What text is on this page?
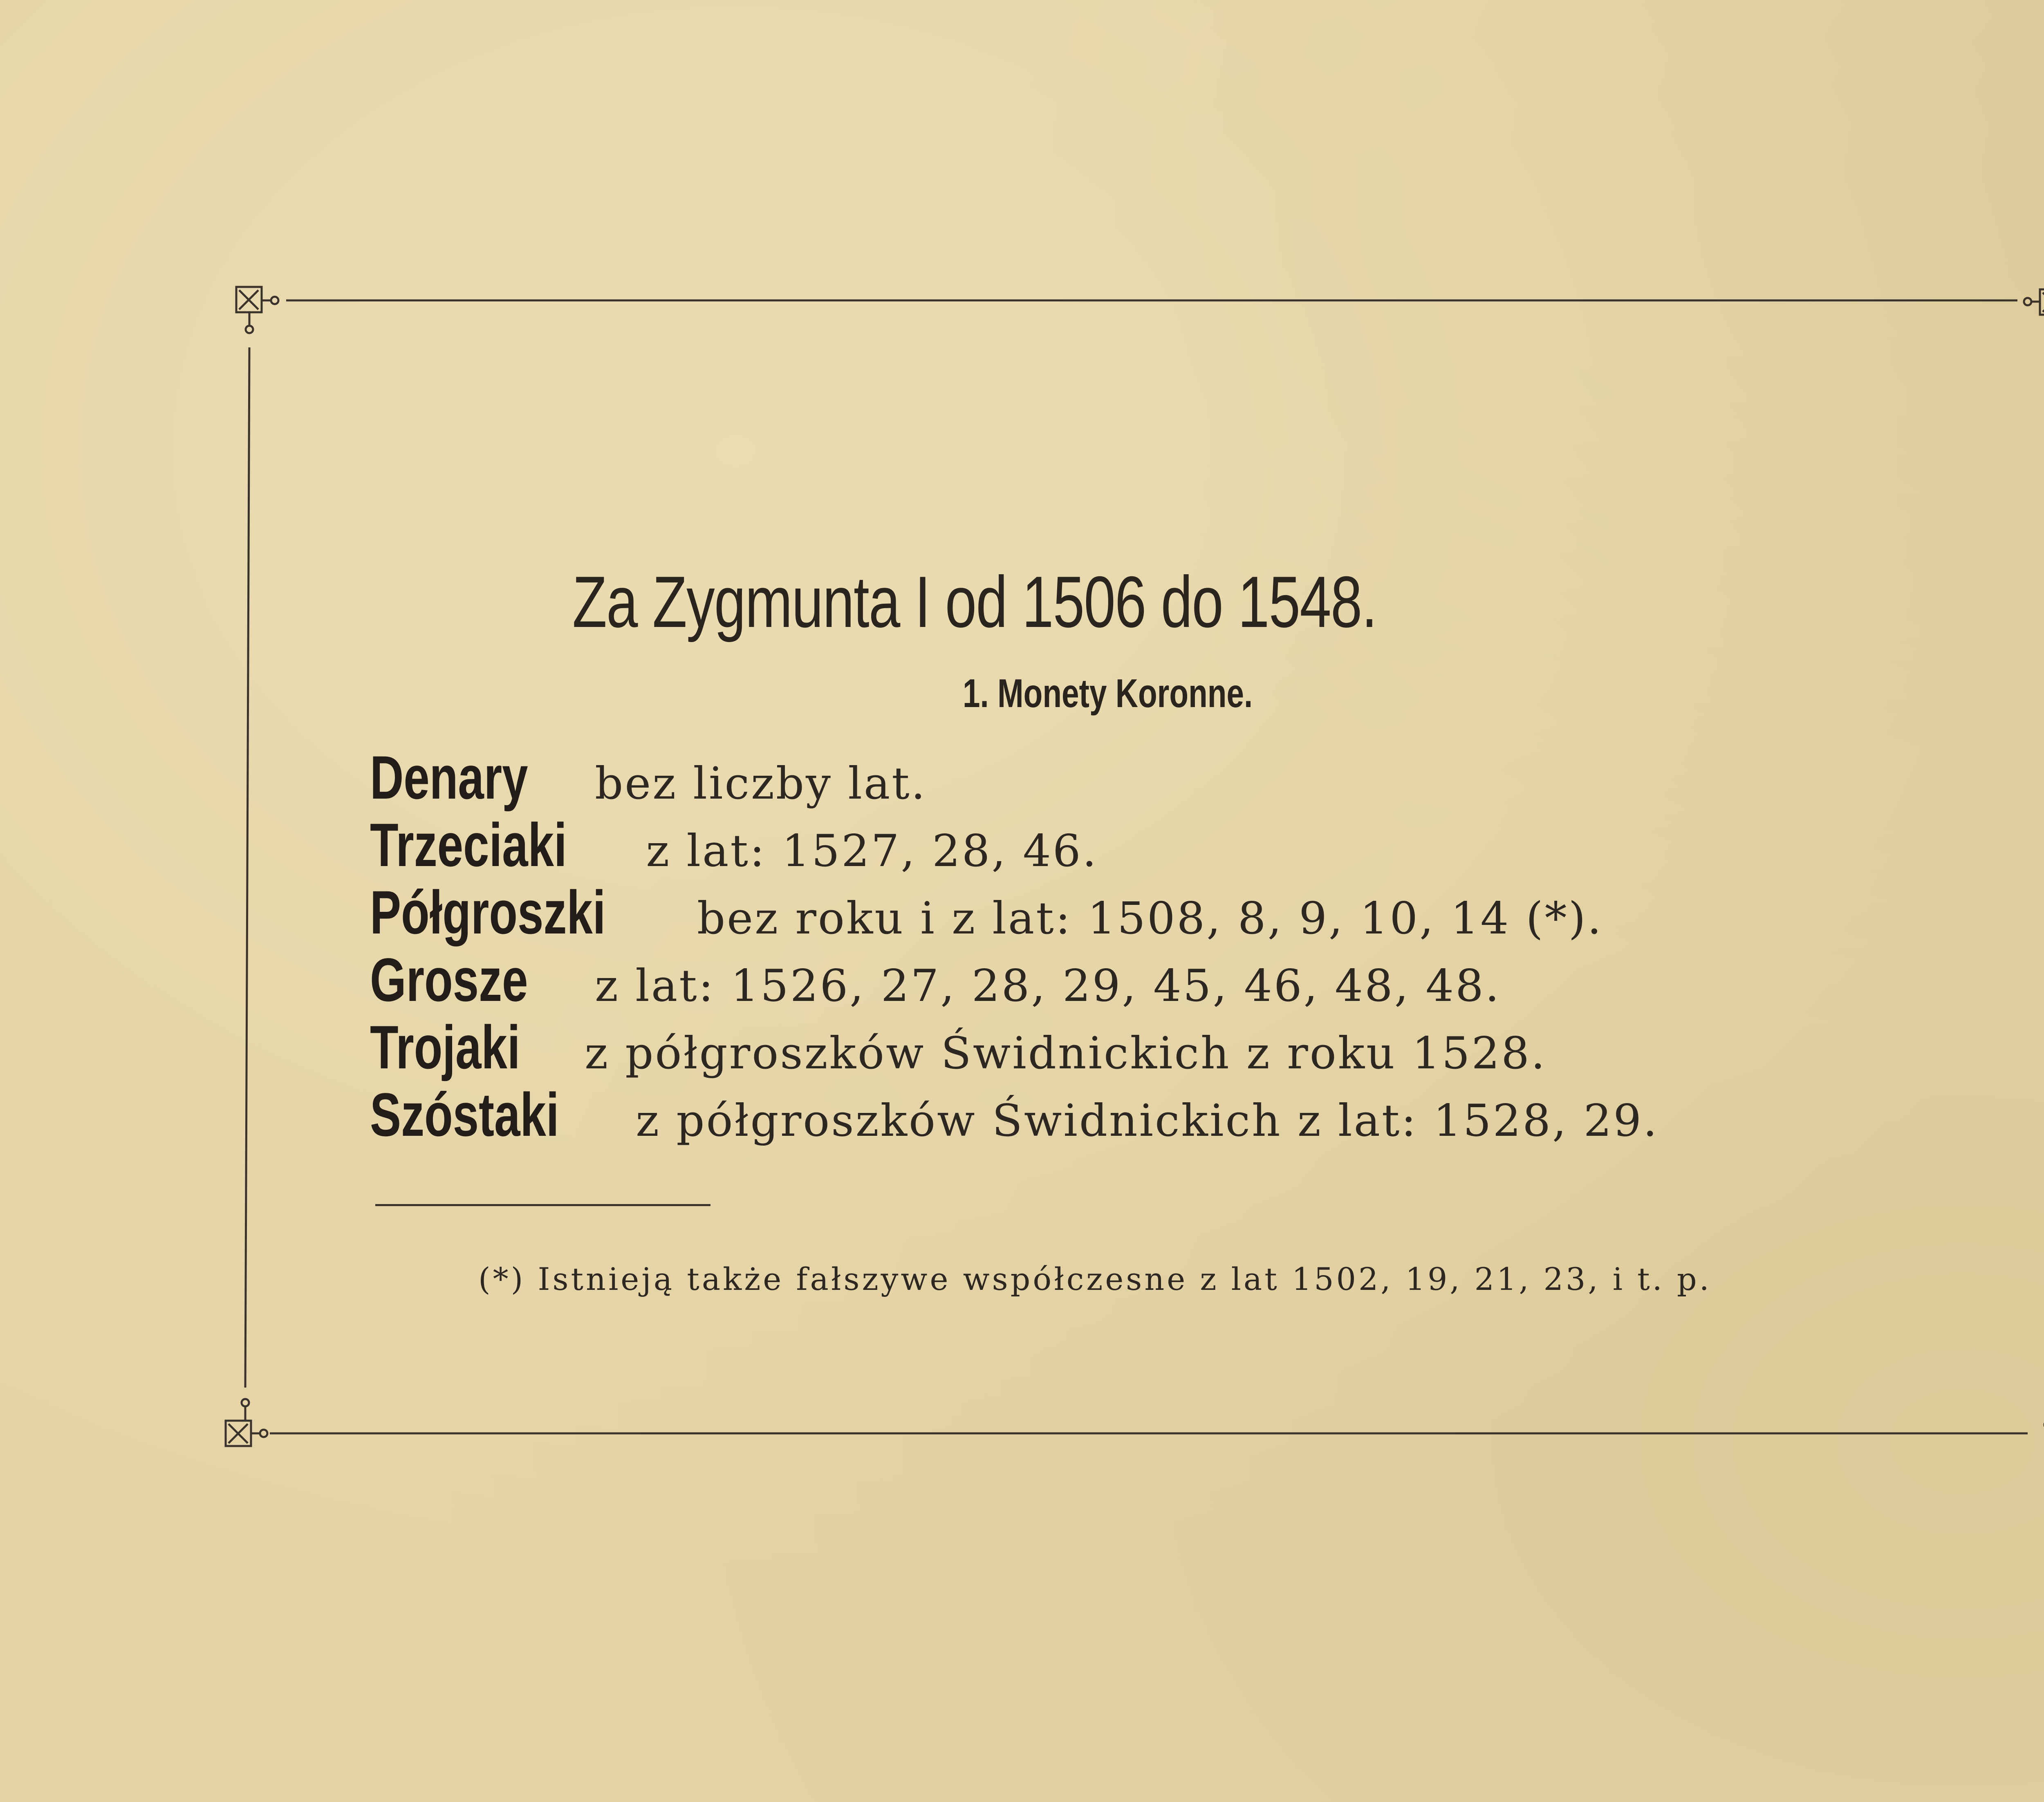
Za Zygmunta I od 1506 do 1548.
1. Monety Koronne.
Denary bez liczby lat.
Trzeciaki z lat: 1527, 28, 46.
Półgroszki bez roku i z lat: 1508, 8, 9, 10, 14 (*).
Grosze z lat: 1526, 27, 28, 29, 45, 46, 48, 48.
Trojaki z półgroszków Świdnickich z roku 1528.
Szóstaki z półgroszków Świdnickich z lat: 1528, 29.

(*) Istnieją także fałszywe współczesne z lat 1502, 19, 21, 23, i t. p.
